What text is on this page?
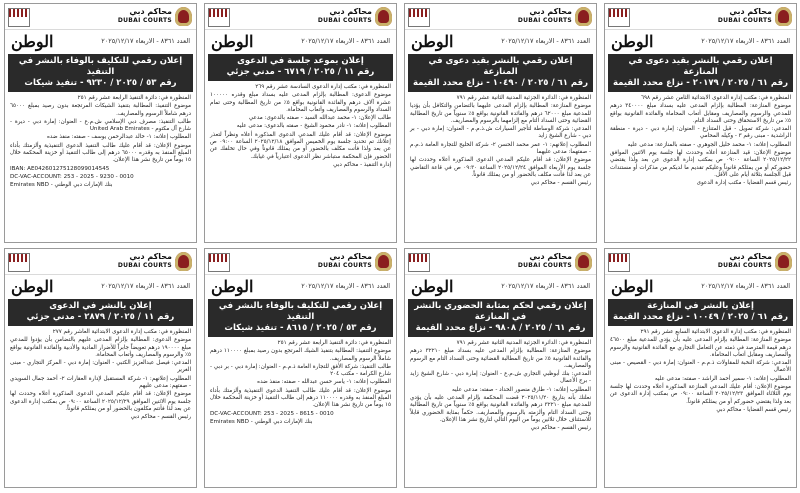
محاكم دبي
DUBAI COURTS
العدد ٨٣٦١ - الاربعاء ٢٠٢٥/١٢/١٧
الوطن
إعلان رقمي بالنشر بقيد دعوى في المنازعة
رقم ٦١ / ٢٠٢٥ / ٢٠١٧٩ - نزاع محدد القيمة

المنظورة في: مكتب إدارة الدعوى الابتدائية الثامن عشر رقم ٦٩٨

موضوع المنازعة: المطالبة بإلزام المدعى عليه بسداد مبلغ ٣٤٠٠٠٠ درهم للمدعي والرسوم والمصاريف ومقابل أتعاب المحاماة والفائدة القانونية بواقع ٥٪ من تاريخ الاستحقاق وحتى السداد التام.

المدعي: شركة تمويل - قبل المتنازع - العنوان: إمارة دبي - ديرة - منطقة الراشدية - مبنى رقم ٣ - وكيله المحامي

المطلوب إعلانه: ١- محمد خليل الجوهري - صفته بالمنازعة: مدعى عليه

موضوع الإعلان: قيد المنازعة أعلاه وحددت لها جلسة يوم الاثنين الموافق ٢٠٢٥/١٢/٢٢ الساعة ٠٩:٠٠ ص بمكتب إدارة الدعوى عن بعد ولذا يقتضي حضوركم أو من يمثلكم قانوناً وعليكم تقديم ما لديكم من مذكرات أو مستندات قبل الجلسة بثلاثة أيام على الأقل.

رئيس قسم القضايا - مكتب إدارة الدعوى

محاكم دبي
DUBAI COURTS
العدد ٨٣٦١ - الاربعاء ٢٠٢٥/١٢/١٧
الوطن
إعلان رقمي بالنشر بقيد دعوى في المنازعة
رقم ٦١ / ٢٠٢٥ / ١٠٤٩٠ - نزاع محدد القيمة

المنظورة في: الدائرة الجزئية المدنية الثانية عشر رقم ٧٩١

موضوع المنازعة: المطالبة بإلزام المدعى عليهما بالتضامن والتكافل بأن يؤديا للمدعية مبلغ ٦٢٠٠٠ درهم والفائدة القانونية بواقع ٥٪ سنوياً من تاريخ المطالبة القضائية وحتى السداد التام مع إلزامهما بالرسوم والمصاريف.

المدعي: شركة الوساطة لتأجير السيارات ش.ذ.م.م - العنوان: إمارة دبي - بر دبي - شارع الشيخ زايد

المطلوب إعلانهم: ١- عمر محمد الحسن ٢- شركة الخليج للتجارة العامة ذ.م.م - صفتهما: مدعى عليهما

موضوع الإعلان: قد أقام عليكم المدعي الدعوى المذكورة أعلاه وحددت لها جلسة يوم الأربعاء الموافق ٢٠٢٥/١٢/٢٤ الساعة ٠٩:٣٠ ص في قاعة التقاضي عن بعد لذا فأنت مكلف بالحضور أو من يمثلك قانوناً.

رئيس القسم - محاكم دبي

محاكم دبي
DUBAI COURTS
العدد ٨٣٦١ - الاربعاء ٢٠٢٥/١٢/١٧
الوطن
إعلان بموعد جلسة في الدعوى
رقم ١١ / ٢٠٢٥ / ٦٧١٩ - مدني جزئي

المنظورة في: مكتب إدارة الدعوى السادسة عشر رقم ٢٦٩

موضوع الدعوى: المطالبة بإلزام المدعى عليه بسداد مبلغ وقدره ١٠٠٠٠٠ عشرة آلاف درهم والفائدة القانونية بواقع ٥٪ من تاريخ المطالبة وحتى تمام السداد والرسوم والمصاريف وأتعاب المحاماة.

طالب الإعلان: ١- محمد عبدالله السيد - صفته بالدعوى: مدعي

المطلوب إعلانه: ١- نادر محمود الشيخ - صفته بالدعوى: مدعى عليه

موضوع الإعلان: قد أقام عليك المدعي الدعوى المذكورة أعلاه ونظراً لتعذر إعلانك تم تحديد جلسة يوم الخميس الموافق ٢٠٢٥/١٢/١٨ الساعة ٠٩:٠٠ ص عن بعد ولذا فأنت مكلف بالحضور أو من يمثلك قانوناً وفي حال تخلفك عن الحضور فإن المحكمة ستباشر نظر الدعوى اعتبارياً في غيابك.

إدارة التنفيذ - محاكم دبي

محاكم دبي
DUBAI COURTS
العدد ٨٣٦١ - الاربعاء ٢٠٢٥/١٢/١٧
الوطن
إعلان رقمي للتكليف بالوفاء بالنشر في التنفيذ
رقم ٥٣ / ٢٠٢٥ / ٩٢٣٠ - تنفيذ شيكات

المنظورة في: دائرة التنفيذ الرابعة عشر رقم ٢٥١

موضوع التنفيذ: المطالبة بتنفيذ الشيكات المرتجعة بدون رصيد بمبلغ ٦٥٠٠٠ درهم شاملاً الرسوم والمصاريف.

طالب التنفيذ: مصرف دبي الإسلامي ش.م.ع - العنوان: إمارة دبي - ديرة - شارع آل مكتوم - United Arab Emirates

المطلوب إعلانه: ١- خالد عبدالرحمن يوسف - صفته: منفذ ضده

موضوع الإعلان: قد أقام عليك طالب التنفيذ الدعوى التنفيذية وألزمتك بأداء المبلغ المنفذ به وقدره ٦٥٠٠٠ درهم إلى طالب التنفيذ أو خزينة المحكمة خلال ١٥ يوماً من تاريخ نشر هذا الإعلان.

IBAN: AE042601275128099014545

DC-VAC-ACCOUNT: 253 - 2025 - 9230 - 0010

Emirates NBD - بنك الإمارات دبي الوطني

محاكم دبي
DUBAI COURTS
العدد ٨٣٦١ - الاربعاء ٢٠٢٥/١٢/١٧
الوطن
إعلان بالنشر في المنازعة
رقم ٦١ / ٢٠٢٥ / ١٠٠٤٩ - نزاع محدد القيمة

المنظورة في: مكتب إدارة الدعوى الابتدائية السابع عشر رقم ٢٩١

موضوع المنازعة: المطالبة بإلزام المدعى عليه بأن يؤدي للمدعية مبلغ ٤٦٥٠٠ درهم قيمة المترصد في ذمته عن التعامل التجاري مع الفائدة القانونية والرسوم والمصاريف ومقابل أتعاب المحاماة.

المدعي: شركة النخبة للمقاولات ذ.م.م - العنوان: إمارة دبي - القصيص - مبنى الأعمال

المطلوب إعلانه: ١- سمير أحمد الراشد - صفته: مدعى عليه

موضوع الإعلان: أقام عليك المدعي المنازعة المذكورة أعلاه وحددت لها جلسة يوم الثلاثاء الموافق ٢٠٢٥/١٢/٢٣ الساعة ٠٩:٠٠ ص بمكتب إدارة الدعوى عن بعد ولذا يقتضي حضوركم أو من يمثلكم قانوناً.

رئيس قسم القضايا - محاكم دبي

محاكم دبي
DUBAI COURTS
العدد ٨٣٦١ - الاربعاء ٢٠٢٥/١٢/١٧
الوطن
إعلان رقمي لحكم بمثابة الحضوري بالنشر في المنازعة
رقم ٦١ / ٢٠٢٥ / ٩٨٠٨ - نزاع محدد القيمة

المنظورة في: الدائرة الجزئية المدنية الثانية عشر رقم ٧٩١

موضوع المنازعة: المطالبة بإلزام المدعى عليه بسداد مبلغ ٣٢٢١٠ درهم والفائدة القانونية ٥٪ من تاريخ المطالبة القضائية وحتى السداد التام مع الرسوم والمصاريف.

المدعي: بنك أبوظبي التجاري ش.م.ع - العنوان: إمارة دبي - شارع الشيخ زايد - برج الأعمال

المطلوب إعلانه: ١- طارق منصور الحداد - صفته: مدعى عليه

نعلنك بأنه بتاريخ ٢٠٢٥/١١/٢٠ قضت المحكمة بإلزام المدعى عليه بأن يؤدي للمدعية مبلغ ٣٢٢١٠ درهم والفائدة القانونية بواقع ٥٪ سنوياً من تاريخ المطالبة وحتى السداد التام وألزمته بالرسوم والمصاريف. حكماً بمثابة الحضوري قابلاً للاستئناف خلال ثلاثين يوماً من اليوم التالي لتاريخ نشر هذا الإعلان.

رئيس القسم - محاكم دبي

محاكم دبي
DUBAI COURTS
العدد ٨٣٦١ - الاربعاء ٢٠٢٥/١٢/١٧
الوطن
إعلان رقمي للتكليف بالوفاء بالنشر في التنفيذ
رقم ٥٣ / ٢٠٢٥ / ٨٦١٥ - تنفيذ شيكات

المنظورة في: دائرة التنفيذ الرابعة عشر رقم ٢٥١

موضوع التنفيذ: المطالبة بتنفيذ الشيك المرتجع بدون رصيد بمبلغ ١١٠٠٠٠ درهم شاملاً الرسوم والمصاريف.

طالب التنفيذ: شركة الأفق للتجارة العامة ذ.م.م - العنوان: إمارة دبي - بر دبي - شارع الكرامة - مكتب ٢٠٤

المطلوب إعلانه: ١- ياسر حسن عبدالله - صفته: منفذ ضده

موضوع الإعلان: قد أقام عليك طالب التنفيذ الدعوى التنفيذية وألزمتك بأداء المبلغ المنفذ به وقدره ١١٠٠٠٠ درهم إلى طالب التنفيذ أو خزينة المحكمة خلال ١٥ يوماً من تاريخ نشر هذا الإعلان.

DC-VAC-ACCOUNT: 253 - 2025 - 8615 - 0010

Emirates NBD - بنك الإمارات دبي الوطني

محاكم دبي
DUBAI COURTS
العدد ٨٣٦١ - الاربعاء ٢٠٢٥/١٢/١٧
الوطن
إعلان بالنشر في الدعوى
رقم ١١ / ٢٠٢٥ / ٢٨٧٩ - مدني جزئي

المنظورة في: مكتب إدارة الدعوى الابتدائية العاشر رقم ٢٧٧

موضوع الدعوى: المطالبة بإلزام المدعى عليهم بالتضامن بأن يؤدوا للمدعي مبلغ ١٩٠٠٠٠ درهم تعويضاً جابراً للأضرار المادية والأدبية والفائدة القانونية بواقع ٥٪ والرسوم والمصاريف وأتعاب المحاماة.

المدعي: فيصل عبدالعزيز الكتبي - العنوان: إمارة دبي - المركز التجاري - مبنى الغرير

المطلوب إعلانهم: ١- شركة المستقبل لإدارة العقارات ٢- أحمد جمال السويدي - صفتهم: مدعى عليهم

موضوع الإعلان: قد أقام عليكم المدعي الدعوى المذكورة أعلاه وحددت لها جلسة يوم الاثنين الموافق ٢٠٢٥/١٢/٢٩ الساعة ٠٩:٠٠ ص بمكتب إدارة الدعوى عن بعد لذا فأنتم مكلفون بالحضور أو من يمثلكم قانوناً.

رئيس القسم - محاكم دبي
